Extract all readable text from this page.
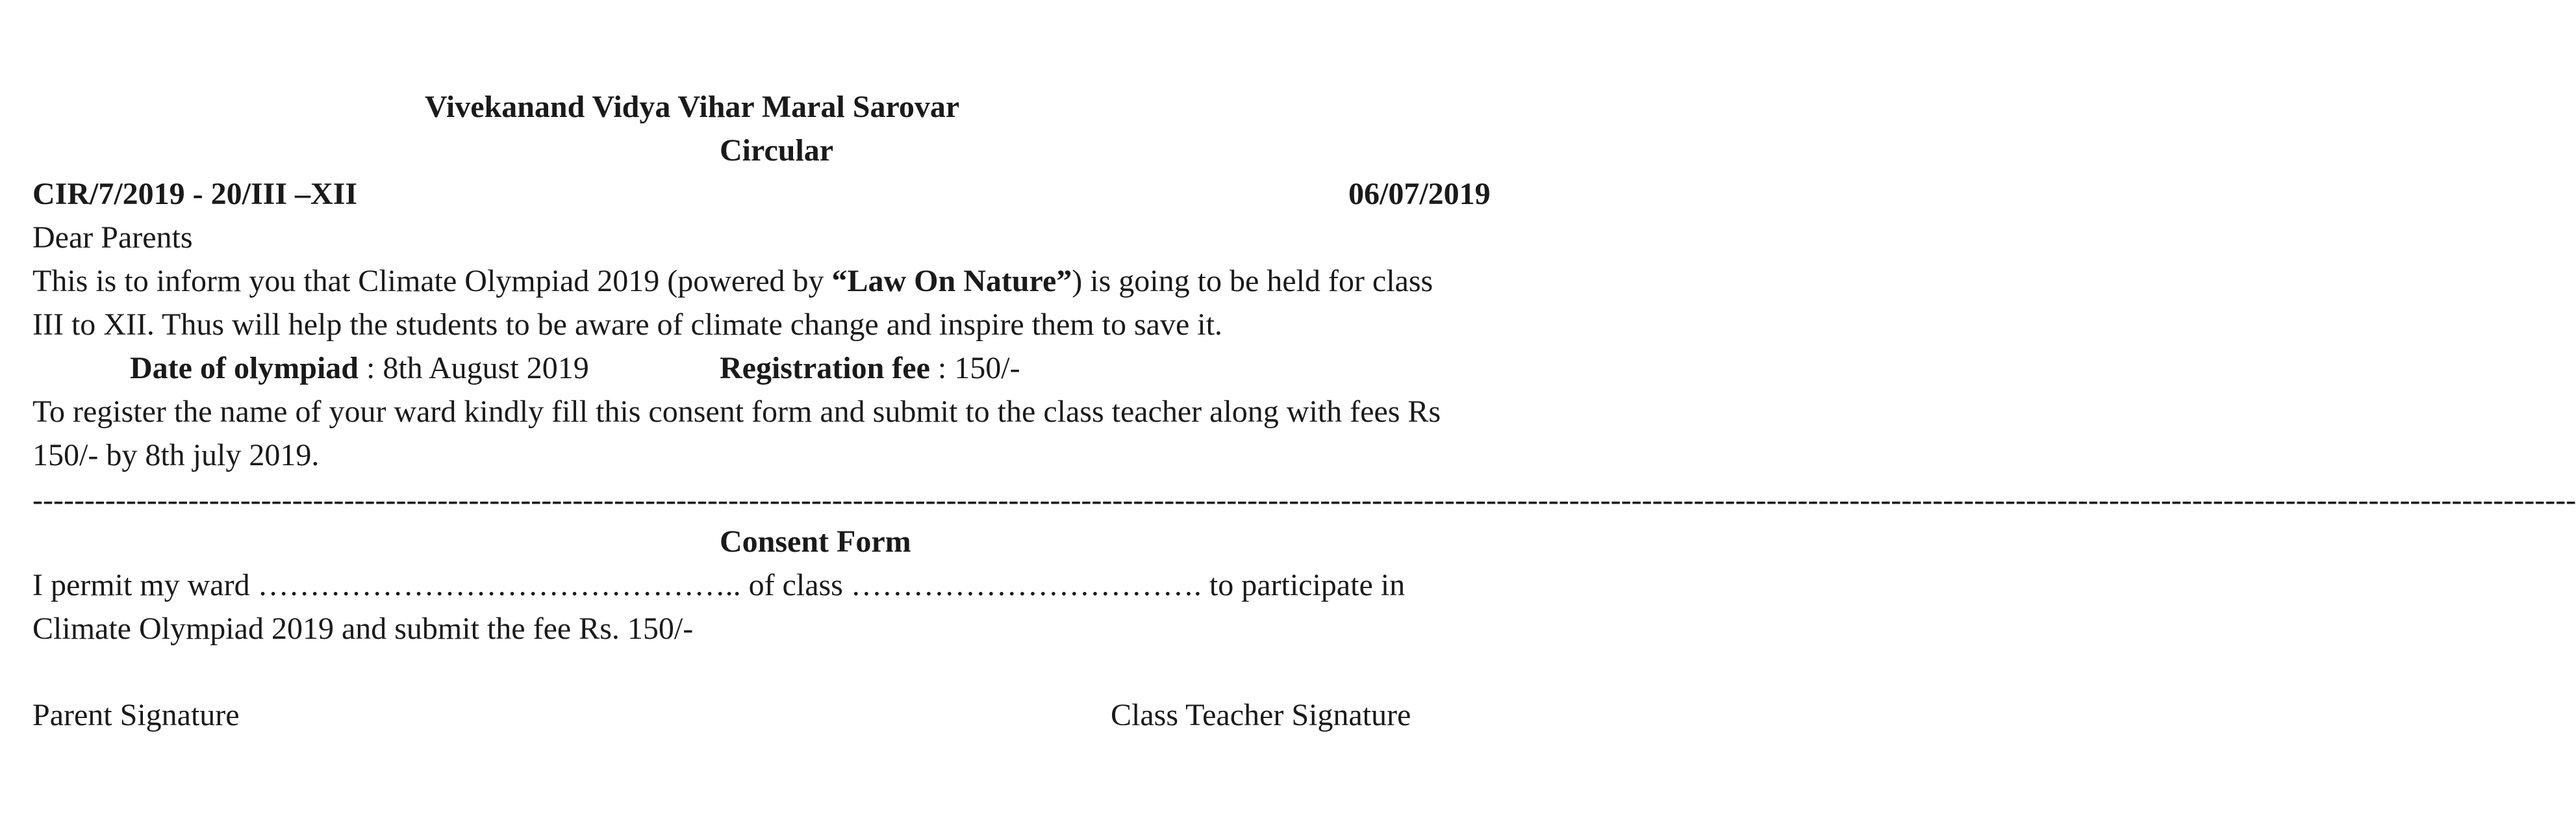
Vivekanand Vidya Vihar Maral Sarovar
Circular
CIR/7/2019 - 20/III –XII	06/07/2019
Dear Parents
This is to inform you that Climate Olympiad 2019 (powered by “Law On Nature”) is going to be held for class
III to XII. Thus will help the students to be aware of climate change and inspire them to save it.
Date of olympiad : 8th August 2019	Registration fee : 150/-
To register the name of your ward kindly fill this consent form and submit to the class teacher along with fees Rs
150/- by 8th july 2019.
-----------------------------------------------------------------------------------------------------------------------------------------------------------------------------------------------------------------------------------------------------
Consent Form
I permit my ward ……………………………………….. of class ……………………………. to participate in
Climate Olympiad 2019 and submit the fee Rs. 150/-
Parent Signature	Class Teacher Signature
